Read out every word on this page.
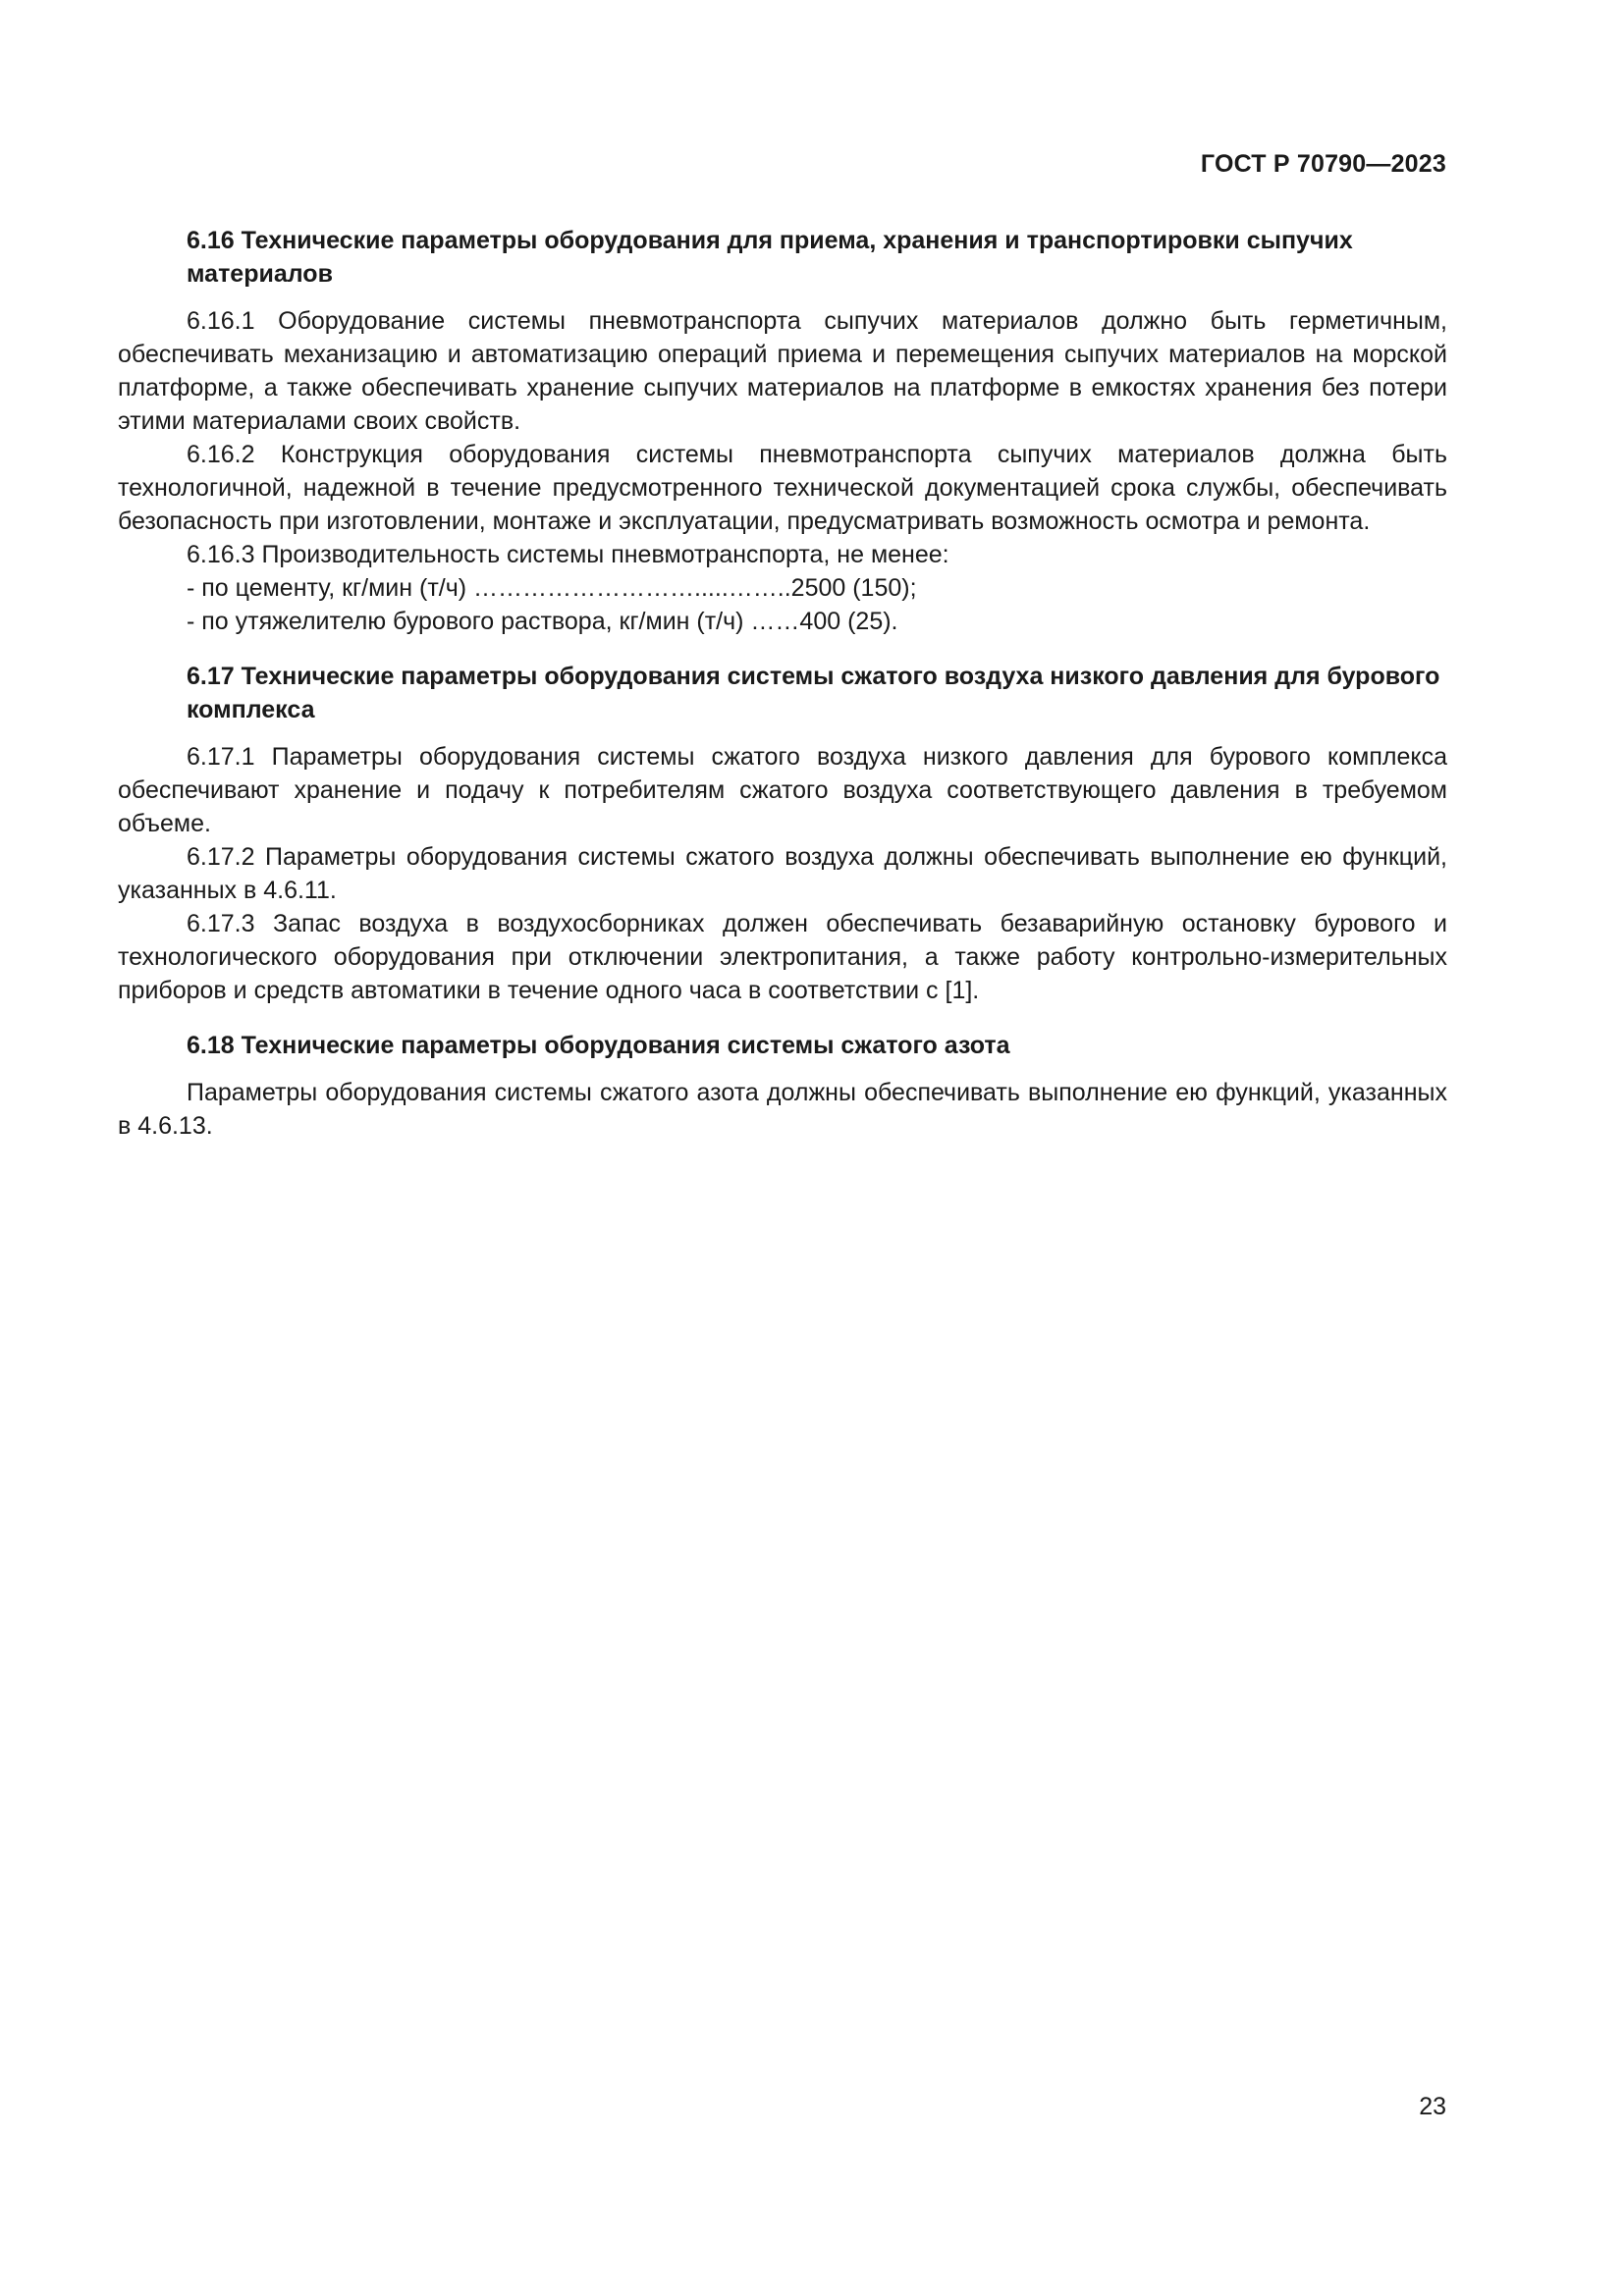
ГОСТ Р 70790—2023
6.16 Технические параметры оборудования для приема, хранения и транспортировки сыпучих материалов

6.16.1 Оборудование системы пневмотранспорта сыпучих материалов должно быть герметичным, обеспечивать механизацию и автоматизацию операций приема и перемещения сыпучих материалов на морской платформе, а также обеспечивать хранение сыпучих материалов на платформе в емкостях хранения без потери этими материалами своих свойств.

6.16.2 Конструкция оборудования системы пневмотранспорта сыпучих материалов должна быть технологичной, надежной в течение предусмотренного технической документацией срока службы, обеспечивать безопасность при изготовлении, монтаже и эксплуатации, предусматривать возможность осмотра и ремонта.

6.16.3 Производительность системы пневмотранспорта, не менее:

- по цементу, кг/мин (т/ч) ……………………….....……..2500 (150);

- по утяжелителю бурового раствора, кг/мин (т/ч) ……400 (25).

6.17 Технические параметры оборудования системы сжатого воздуха низкого давления для бурового комплекса

6.17.1 Параметры оборудования системы сжатого воздуха низкого давления для бурового комплекса обеспечивают хранение и подачу к потребителям сжатого воздуха соответствующего давления в требуемом объеме.

6.17.2 Параметры оборудования системы сжатого воздуха должны обеспечивать выполнение ею функций, указанных в 4.6.11.

6.17.3 Запас воздуха в воздухосборниках должен обеспечивать безаварийную остановку бурового и технологического оборудования при отключении электропитания, а также работу контрольно-измерительных приборов и средств автоматики в течение одного часа в соответствии с [1].

6.18 Технические параметры оборудования системы сжатого азота

Параметры оборудования системы сжатого азота должны обеспечивать выполнение ею функций, указанных в 4.6.13.

23
